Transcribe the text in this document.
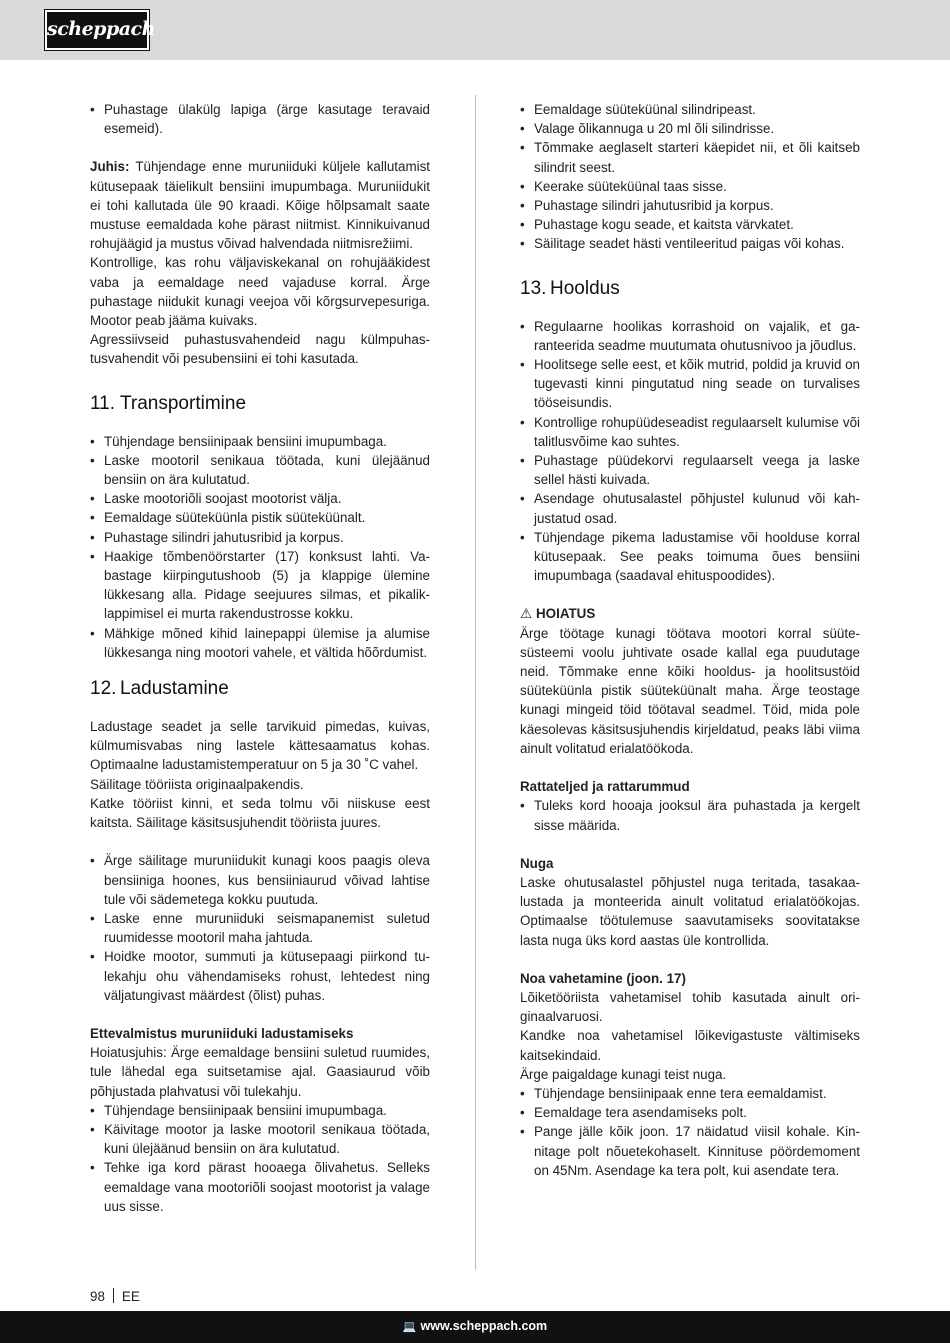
scheppach
• Puhastage ülakülg lapiga (ärge kasutage teravaid esemeid).

Juhis: Tühjendage enne muruniiduki küljele kallutamist kütusepaak täielikult bensiini imupumbaga. Muruniidukit ei tohi kallutada üle 90 kraadi. Kõige hõlpsamalt saate mustuse eemaldada kohe pärast niitmist. Kinnikuivanud rohujäägid ja mustus võivad halvendada niitmisrežiimi.

Kontrollige, kas rohu väljaviskekanal on rohujääkidest vaba ja eemaldage need vajaduse korral. Ärge puhastage niidukit kunagi veejoa või kõrgsurvepesuriga. Mootor peab jääma kuivaks.

Agressiivseid puhastusvahendeid nagu külmpuhastusvahendit või pesubensiini ei tohi kasutada.

11. Transportimine
• Tühjendage bensiinipaak bensiini imupumbaga.
• Laske mootoril senikaua töötada, kuni ülejäänud bensiin on ära kulutatud.
• Laske mootoriõli soojast mootorist välja.
• Eemaldage süüteküünla pistik süüteküünalt.
• Puhastage silindri jahutusribid ja korpus.
• Haakige tõmbenöörstarter (17) konksust lahti. Vabastage kiirpingutushoob (5) ja klappige ülemine lükkesang alla. Pidage seejuures silmas, et pikaliklappimisel ei murta rakendustrosse kokku.
• Mähkige mõned kihid lainepappi ülemise ja alumise lükkesanga ning mootori vahele, et vältida hõõrdumist.
12. Ladustamine

Ladustage seadet ja selle tarvikuid pimedas, kuivas, külmumisvabas ning lastele kättesaamatus kohas. Optimaalne ladustamistemperatuur on 5 ja 30 ˚C vahel.

Säilitage tööriista originaalpakendis.

Katke tööriist kinni, et seda tolmu või niiskuse eest kaitsta. Säilitage käsitsusjuhendit tööriista juures.

• Ärge säilitage muruniidukit kunagi koos paagis oleva bensiiniga hoones, kus bensiiniaurud võivad lahtise tule või sädemetega kokku puutuda.
• Laske enne muruniiduki seismapanemist suletud ruumidesse mootoril maha jahtuda.
• Hoidke mootor, summuti ja kütusepaagi piirkond tulekahju ohu vähendamiseks rohust, lehtedest ning väljatungivast määrdest (õlist) puhas.
Ettevalmistus muruniiduki ladustamiseks

Hoiatusjuhis: Ärge eemaldage bensiini suletud ruumides, tule lähedal ega suitsetamise ajal. Gaasiaurud võib põhjustada plahvatusi või tulekahju.

• Tühjendage bensiinipaak bensiini imupumbaga.
• Käivitage mootor ja laske mootoril senikaua töötada, kuni ülejäänud bensiin on ära kulutatud.
• Tehke iga kord pärast hooaega õlivahetus. Selleks eemaldage vana mootoriõli soojast mootorist ja valage uus sisse.
• Eemaldage süüteküünal silindripeast.
• Valage õlikannuga u 20 ml õli silindrisse.
• Tõmmake aeglaselt starteri käepidet nii, et õli kaitseb silindrit seest.
• Keerake süüteküünal taas sisse.
• Puhastage silindri jahutusribid ja korpus.
• Puhastage kogu seade, et kaitsta värvkatet.
• Säilitage seadet hästi ventileeritud paigas või kohas.
13. Hooldus
• Regulaarne hoolikas korrashoid on vajalik, et garanteerida seadme muutumata ohutusnivoo ja jõudlus.
• Hoolitsege selle eest, et kõik mutrid, poldid ja kruvid on tugevasti kinni pingutatud ning seade on turvalises tööseisundis.
• Kontrollige rohupüüdeseadist regulaarselt kulumise või talitlusvõime kao suhtes.
• Puhastage püüdekorvi regulaarselt veega ja laske sellel hästi kuivada.
• Asendage ohutusalastel põhjustel kulunud või kahjustatud osad.
• Tühjendage pikema ladustamise või hoolduse korral kütusepaak. See peaks toimuma õues bensiini imupumbaga (saadaval ehituspoodides).
⚠ HOIATUS

Ärge töötage kunagi töötava mootori korral süütesüsteemi voolu juhtivate osade kallal ega puudutage neid. Tõmmake enne kõiki hooldus- ja hoolitsustöid süüteküünla pistik süüteküünalt maha. Ärge teostage kunagi mingeid töid töötaval seadmel. Töid, mida pole käesolevas käsitsusjuhendis kirjeldatud, peaks läbi viima ainult volitatud erialatöökoda.

Rattateljed ja rattarummud
• Tuleks kord hooaja jooksul ära puhastada ja kergelt sisse määrida.
Nuga

Laske ohutusalastel põhjustel nuga teritada, tasakaalustada ja monteerida ainult volitatud erialatöökojas. Optimaalse töötulemuse saavutamiseks soovitatakse lasta nuga üks kord aastas üle kontrollida.

Noa vahetamine (joon. 17)

Lõiketööriista vahetamisel tohib kasutada ainult originaalvaruosi.

Kandke noa vahetamisel lõikevigastuste vältimiseks kaitsekindaid.

Ärge paigaldage kunagi teist nuga.

• Tühjendage bensiinipaak enne tera eemaldamist.
• Eemaldage tera asendamiseks polt.
• Pange jälle kõik joon. 17 näidatud viisil kohale. Kinnitage polt nõuetekohaselt. Kinnituse pöördemoment on 45Nm. Asendage ka tera polt, kui asendate tera.
98 EE
💻 www.scheppach.com
